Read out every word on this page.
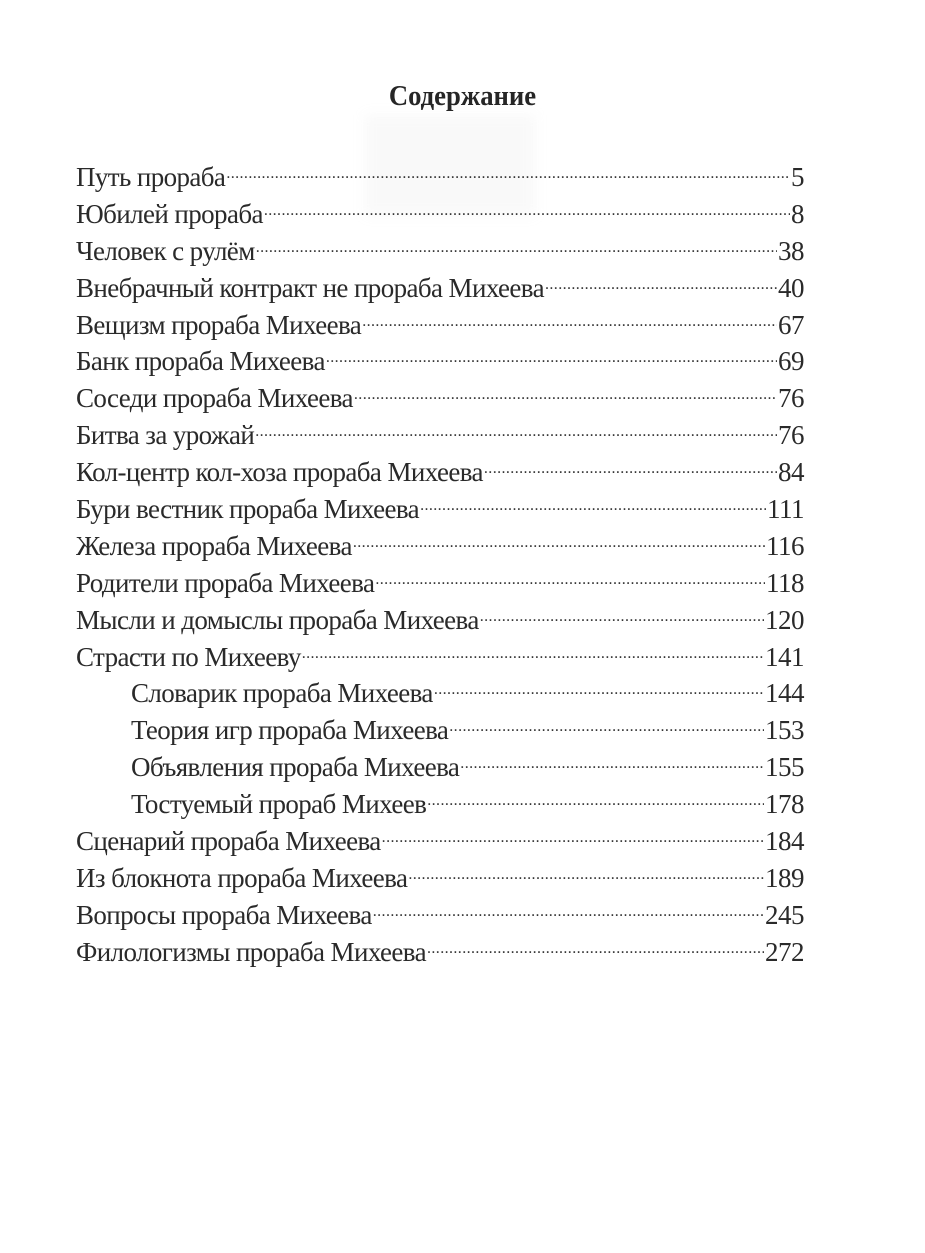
Содержание
Путь прораба .....	5
Юбилей прораба .....	8
Человек с рулём .....	38
Внебрачный контракт не прораба Михеева .....	40
Вещизм прораба Михеева .....	67
Банк прораба Михеева .....	69
Соседи прораба Михеева .....	76
Битва за урожай .....	76
Кол-центр кол-хоза прораба Михеева .....	84
Бури вестник прораба Михеева .....	111
Железа прораба Михеева .....	116
Родители прораба Михеева .....	118
Мысли и домыслы прораба Михеева .....	120
Страсти по Михееву .....	141
Словарик прораба Михеева .....	144
Теория игр прораба Михеева .....	153
Объявления прораба Михеева .....	155
Тостуемый прораб Михеев .....	178
Сценарий прораба Михеева .....	184
Из блокнота прораба Михеева .....	189
Вопросы прораба Михеева .....	245
Филологизмы прораба Михеева .....	272
